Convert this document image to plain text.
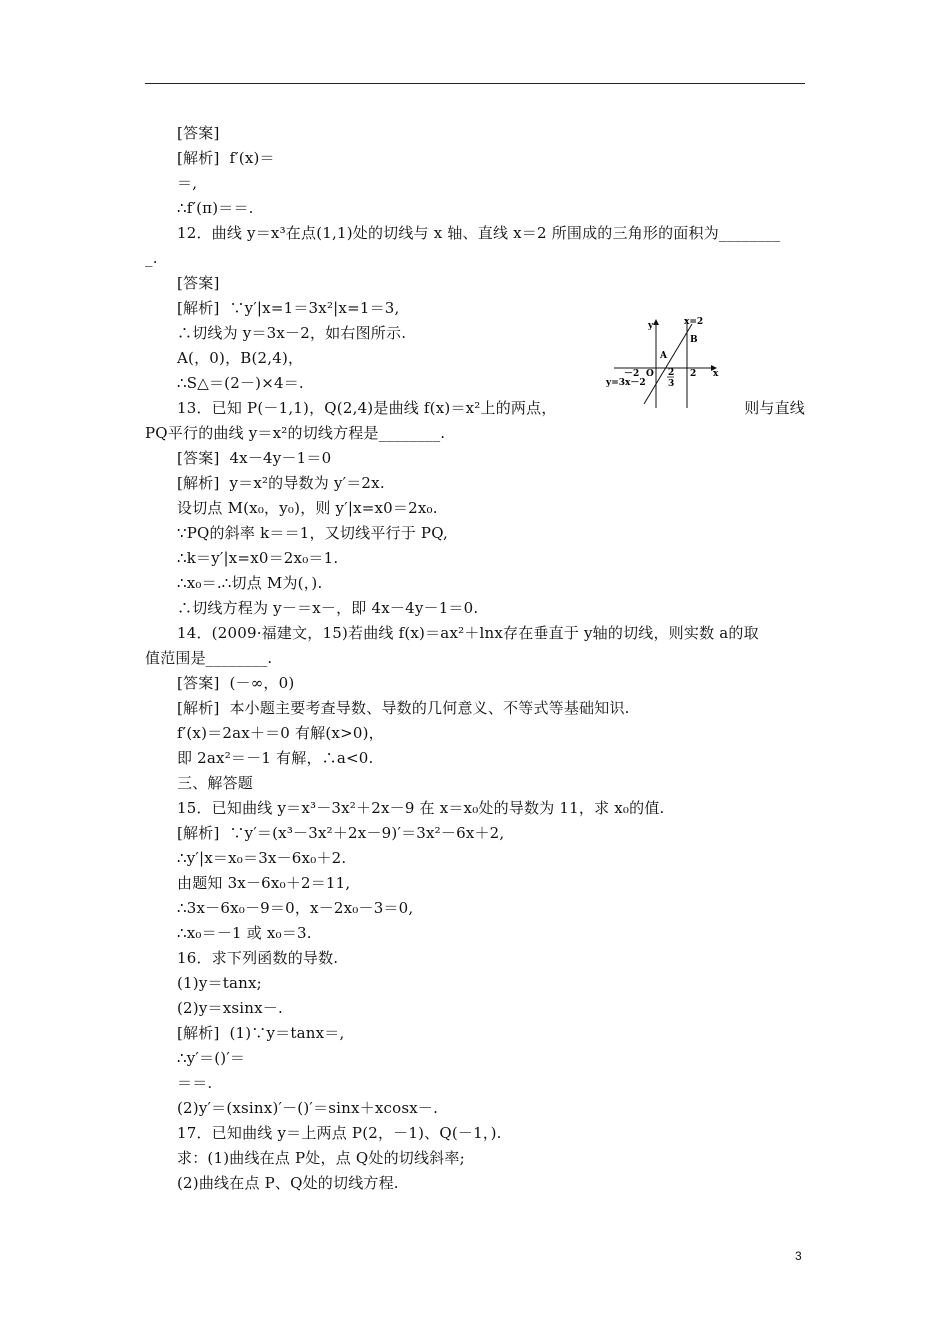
[答案]
[解析]  f′(x)＝
＝,
∴f′(π)＝＝.
12．曲线 y＝x³在点(1,1)处的切线与 x 轴、直线 x＝2 所围成的三角形的面积为________
_.
[答案]
[解析]  ∵y′|x=1＝3x²|x=1＝3,
∴切线为 y＝3x－2，如右图所示.
A(，0)，B(2,4)，
∴S△＝(2－)×4＝.
13．已知 P(－1,1)，Q(2,4)是曲线 f(x)＝x²上的两点，	则与直线
PQ平行的曲线 y＝x²的切线方程是________.
[答案]  4x－4y－1＝0
[解析]  y＝x²的导数为 y′＝2x.
设切点 M(x₀，y₀)，则 y′|x=x0＝2x₀.
∵PQ的斜率 k＝＝1，又切线平行于 PQ,
∴k＝y′|x=x0＝2x₀＝1.
∴x₀＝.∴切点 M为(，).
∴切线方程为 y－＝x－，即 4x－4y－1＝0.
14．(2009·福建文，15)若曲线 f(x)＝ax²＋lnx存在垂直于 y轴的切线，则实数 a的取
值范围是________.
[答案]  (－∞，0)
[解析]  本小题主要考查导数、导数的几何意义、不等式等基础知识.
f′(x)＝2ax＋＝0 有解(x>0)，
即 2ax²＝－1 有解，∴a<0.
三、解答题
15．已知曲线 y＝x³－3x²＋2x－9 在 x＝x₀处的导数为 11，求 x₀的值.
[解析]  ∵y′＝(x³－3x²＋2x－9)′＝3x²－6x＋2,
∴y′|x＝x₀＝3x－6x₀＋2.
由题知 3x－6x₀＋2＝11,
∴3x－6x₀－9＝0，x－2x₀－3＝0,
∴x₀＝－1 或 x₀＝3.
16．求下列函数的导数.
(1)y＝tanx;
(2)y＝xsinx－.
[解析]  (1)∵y＝tanx＝,
∴y′＝()′＝
＝＝.
(2)y′＝(xsinx)′－()′＝sinx＋xcosx－.
17．已知曲线 y＝上两点 P(2，－1)、Q(－1，).
求：(1)曲线在点 P处，点 Q处的切线斜率;
(2)曲线在点 P、Q处的切线方程.
y
x
x=2
A
B
O
－2	2
3
2
y=3x－2
3
